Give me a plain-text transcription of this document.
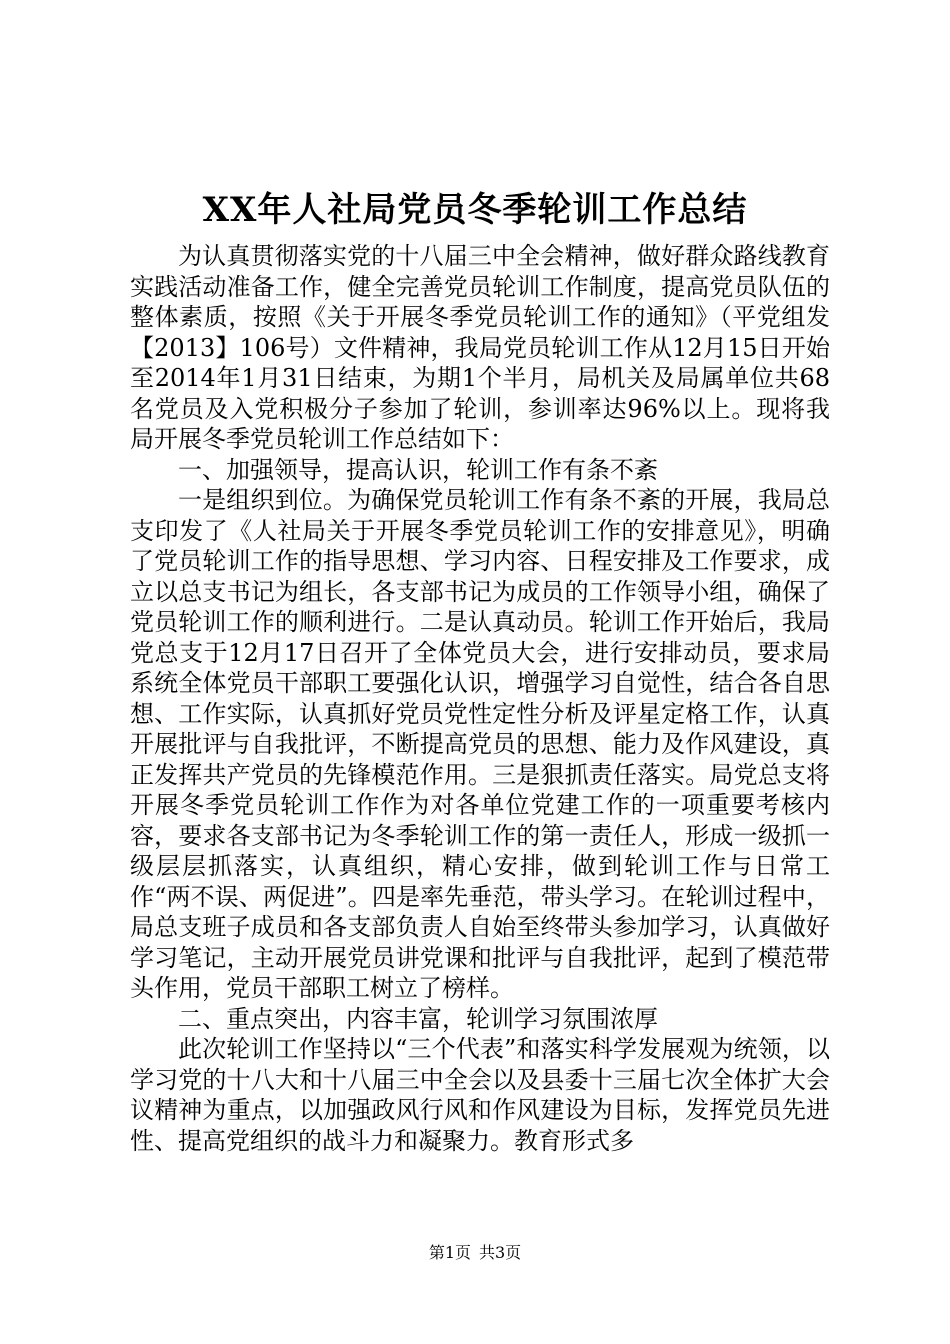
XX年人社局党员冬季轮训工作总结

为认真贯彻落实党的十八届三中全会精神，做好群众路线教育实践活动准备工作，健全完善党员轮训工作制度，提高党员队伍的整体素质，按照《关于开展冬季党员轮训工作的通知》（平党组发【2013】106号）文件精神，我局党员轮训工作从12月15日开始至2014年1月31日结束，为期1个半月，局机关及局属单位共68名党员及入党积极分子参加了轮训，参训率达96%以上。现将我局开展冬季党员轮训工作总结如下：

一、加强领导，提高认识，轮训工作有条不紊

一是组织到位。为确保党员轮训工作有条不紊的开展，我局总支印发了《人社局关于开展冬季党员轮训工作的安排意见》，明确了党员轮训工作的指导思想、学习内容、日程安排及工作要求，成立以总支书记为组长，各支部书记为成员的工作领导小组，确保了党员轮训工作的顺利进行。二是认真动员。轮训工作开始后，我局党总支于12月17日召开了全体党员大会，进行安排动员，要求局系统全体党员干部职工要强化认识，增强学习自觉性，结合各自思想、工作实际，认真抓好党员党性定性分析及评星定格工作，认真开展批评与自我批评，不断提高党员的思想、能力及作风建设，真正发挥共产党员的先锋模范作用。三是狠抓责任落实。局党总支将开展冬季党员轮训工作作为对各单位党建工作的一项重要考核内容，要求各支部书记为冬季轮训工作的第一责任人，形成一级抓一级层层抓落实，认真组织，精心安排，做到轮训工作与日常工作“两不误、两促进”。四是率先垂范，带头学习。在轮训过程中，局总支班子成员和各支部负责人自始至终带头参加学习，认真做好学习笔记，主动开展党员讲党课和批评与自我批评，起到了模范带头作用，党员干部职工树立了榜样。

二、重点突出，内容丰富，轮训学习氛围浓厚

此次轮训工作坚持以“三个代表”和落实科学发展观为统领，以学习党的十八大和十八届三中全会以及县委十三届七次全体扩大会议精神为重点，以加强政风行风和作风建设为目标，发挥党员先进性、提高党组织的战斗力和凝聚力。教育形式多

第1页 共3页
